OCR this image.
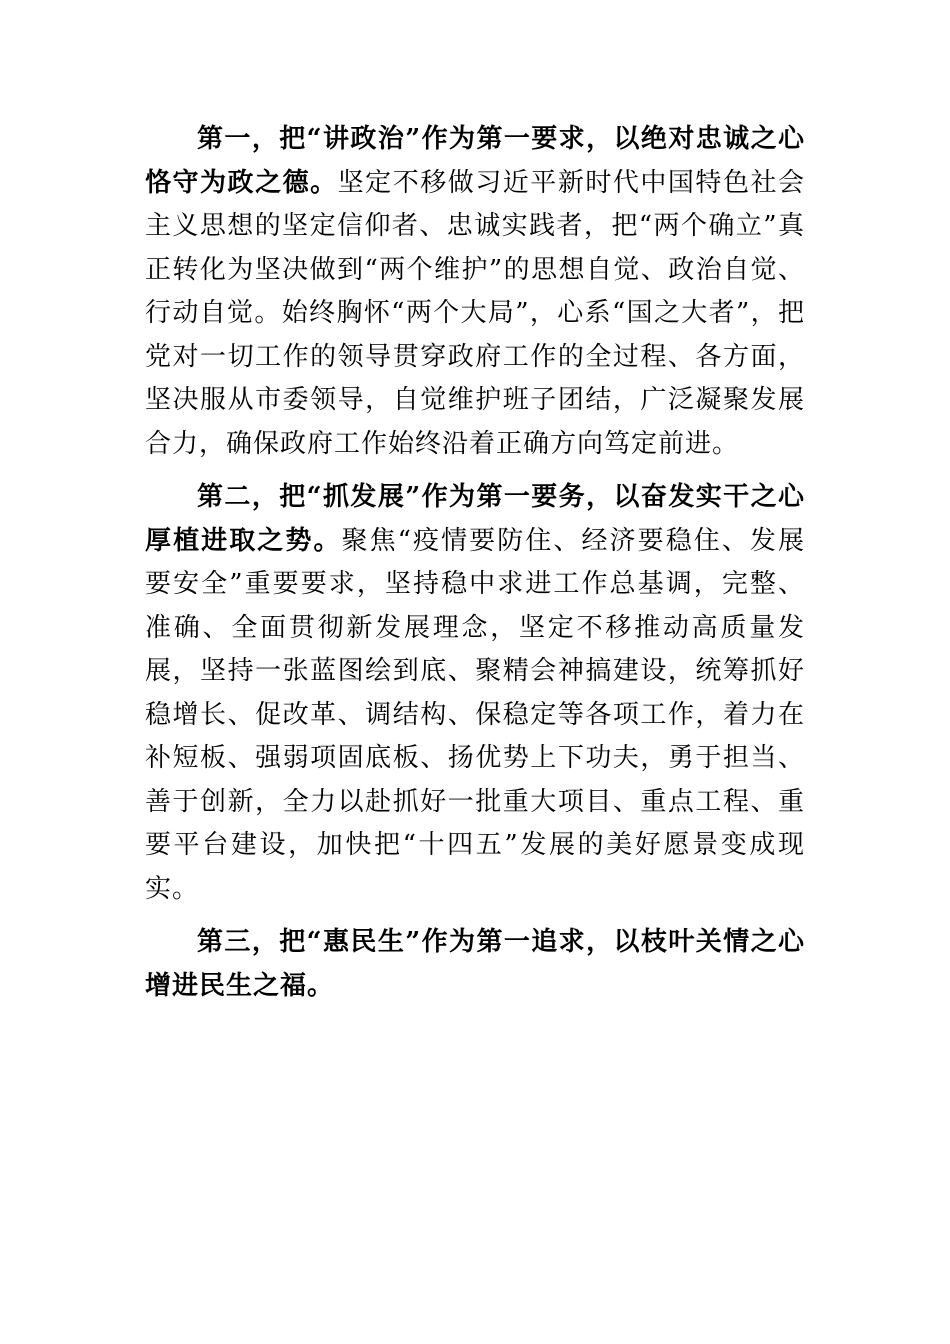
第一，把“讲政治”作为第一要求，以绝对忠诚之心恪守为政之德。坚定不移做习近平新时代中国特色社会主义思想的坚定信仰者、忠诚实践者，把“两个确立”真正转化为坚决做到“两个维护”的思想自觉、政治自觉、行动自觉。始终胸怀“两个大局”，心系“国之大者”，把党对一切工作的领导贯穿政府工作的全过程、各方面，坚决服从市委领导，自觉维护班子团结，广泛凝聚发展合力，确保政府工作始终沿着正确方向笃定前进。

第二，把“抓发展”作为第一要务，以奋发实干之心厚植进取之势。聚焦“疫情要防住、经济要稳住、发展要安全”重要要求，坚持稳中求进工作总基调，完整、准确、全面贯彻新发展理念，坚定不移推动高质量发展，坚持一张蓝图绘到底、聚精会神搞建设，统筹抓好稳增长、促改革、调结构、保稳定等各项工作，着力在补短板、强弱项固底板、扬优势上下功夫，勇于担当、善于创新，全力以赴抓好一批重大项目、重点工程、重要平台建设，加快把“十四五”发展的美好愿景变成现实。

第三，把“惠民生”作为第一追求，以枝叶关情之心增进民生之福。
